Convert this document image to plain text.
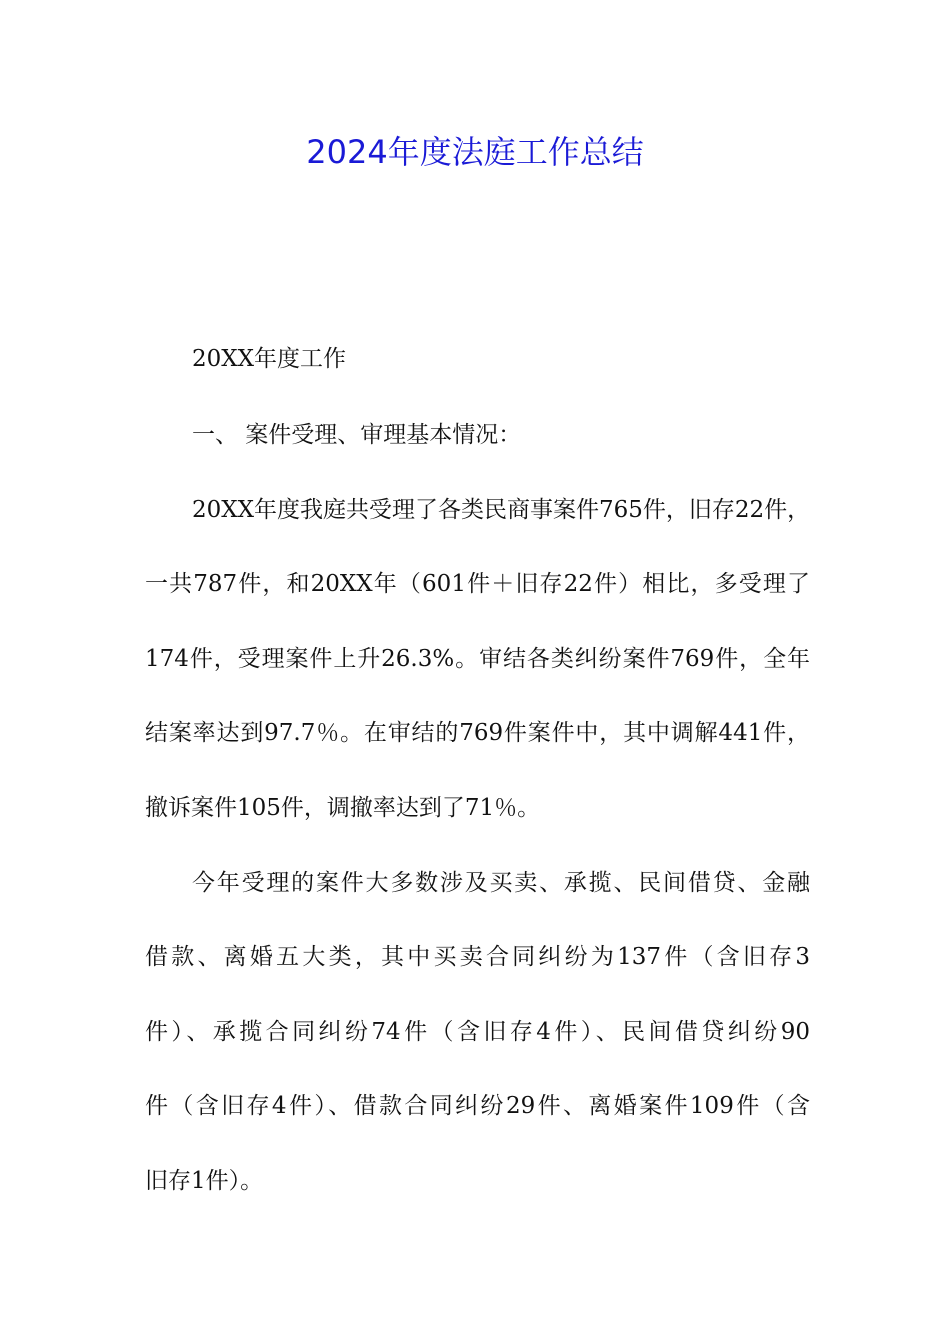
2024年度法庭工作总结

20XX年度工作

一、 案件受理、审理基本情况：

20XX年度我庭共受理了各类民商事案件765件，旧存22件，

一共787件，和20XX年（601件＋旧存22件）相比，多受理了

174件，受理案件上升26.3%。审结各类纠纷案件769件，全年

结案率达到97.7％。在审结的769件案件中，其中调解441件，

撤诉案件105件，调撤率达到了71％。

今年受理的案件大多数涉及买卖、承揽、民间借贷、金融

借款、离婚五大类，其中买卖合同纠纷为137件（含旧存3

件）、承揽合同纠纷74件（含旧存4件）、民间借贷纠纷90

件（含旧存4件）、借款合同纠纷29件、离婚案件109件（含

旧存1件）。
